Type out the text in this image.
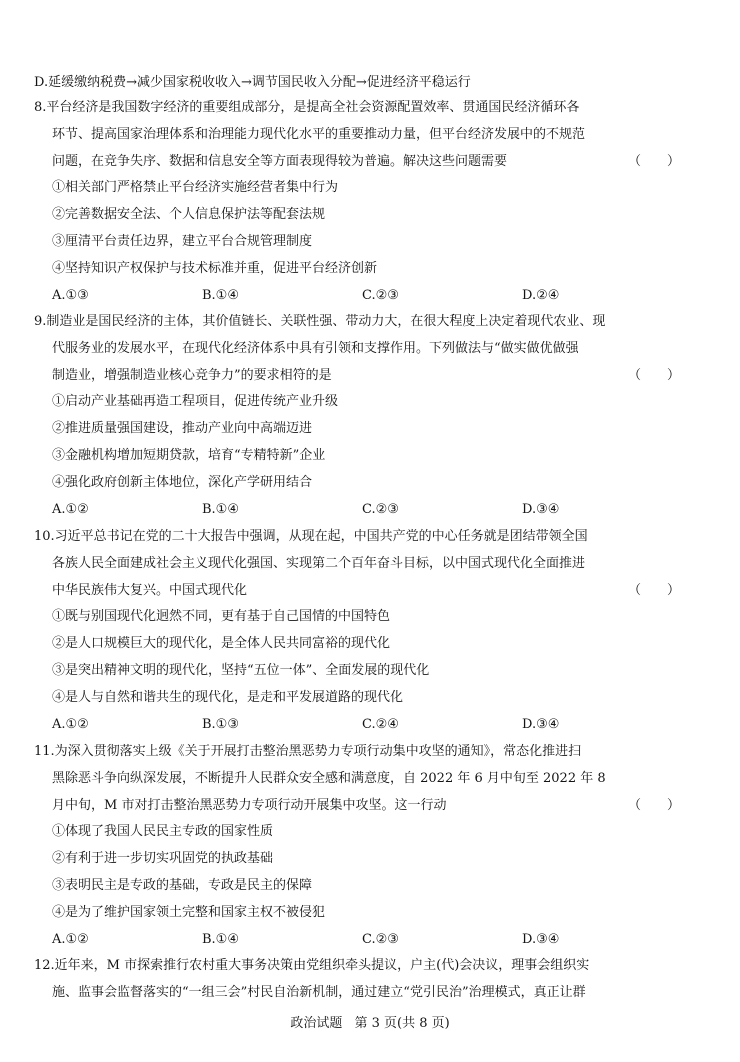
D.延缓缴纳税费→减少国家税收收入→调节国民收入分配→促进经济平稳运行
8.平台经济是我国数字经济的重要组成部分，是提高全社会资源配置效率、贯通国民经济循环各
环节、提高国家治理体系和治理能力现代化水平的重要推动力量，但平台经济发展中的不规范
问题，在竞争失序、数据和信息安全等方面表现得较为普遍。解决这些问题需要	（　　）
①相关部门严格禁止平台经济实施经营者集中行为
②完善数据安全法、个人信息保护法等配套法规
③厘清平台责任边界，建立平台合规管理制度
④坚持知识产权保护与技术标准并重，促进平台经济创新
A.①③	B.①④	C.②③	D.②④
9.制造业是国民经济的主体，其价值链长、关联性强、带动力大，在很大程度上决定着现代农业、现
代服务业的发展水平，在现代化经济体系中具有引领和支撑作用。下列做法与“做实做优做强
制造业，增强制造业核心竞争力”的要求相符的是	（　　）
①启动产业基础再造工程项目，促进传统产业升级
②推进质量强国建设，推动产业向中高端迈进
③金融机构增加短期贷款，培育“专精特新”企业
④强化政府创新主体地位，深化产学研用结合
A.①②	B.①④	C.②③	D.③④
10.习近平总书记在党的二十大报告中强调，从现在起，中国共产党的中心任务就是团结带领全国
各族人民全面建成社会主义现代化强国、实现第二个百年奋斗目标，以中国式现代化全面推进
中华民族伟大复兴。中国式现代化	（　　）
①既与别国现代化迥然不同，更有基于自己国情的中国特色
②是人口规模巨大的现代化，是全体人民共同富裕的现代化
③是突出精神文明的现代化，坚持“五位一体”、全面发展的现代化
④是人与自然和谐共生的现代化，是走和平发展道路的现代化
A.①②	B.①③	C.②④	D.③④
11.为深入贯彻落实上级《关于开展打击整治黑恶势力专项行动集中攻坚的通知》，常态化推进扫
黑除恶斗争向纵深发展，不断提升人民群众安全感和满意度，自 2022 年 6 月中旬至 2022 年 8
月中旬，M 市对打击整治黑恶势力专项行动开展集中攻坚。这一行动	（　　）
①体现了我国人民民主专政的国家性质
②有利于进一步切实巩固党的执政基础
③表明民主是专政的基础，专政是民主的保障
④是为了维护国家领土完整和国家主权不被侵犯
A.①②	B.①④	C.②③	D.③④
12.近年来，M 市探索推行农村重大事务决策由党组织牵头提议，户主(代)会决议，理事会组织实
施、监事会监督落实的“一组三会”村民自治新机制，通过建立“党引民治”治理模式，真正让群
政治试题 第 3 页(共 8 页)
